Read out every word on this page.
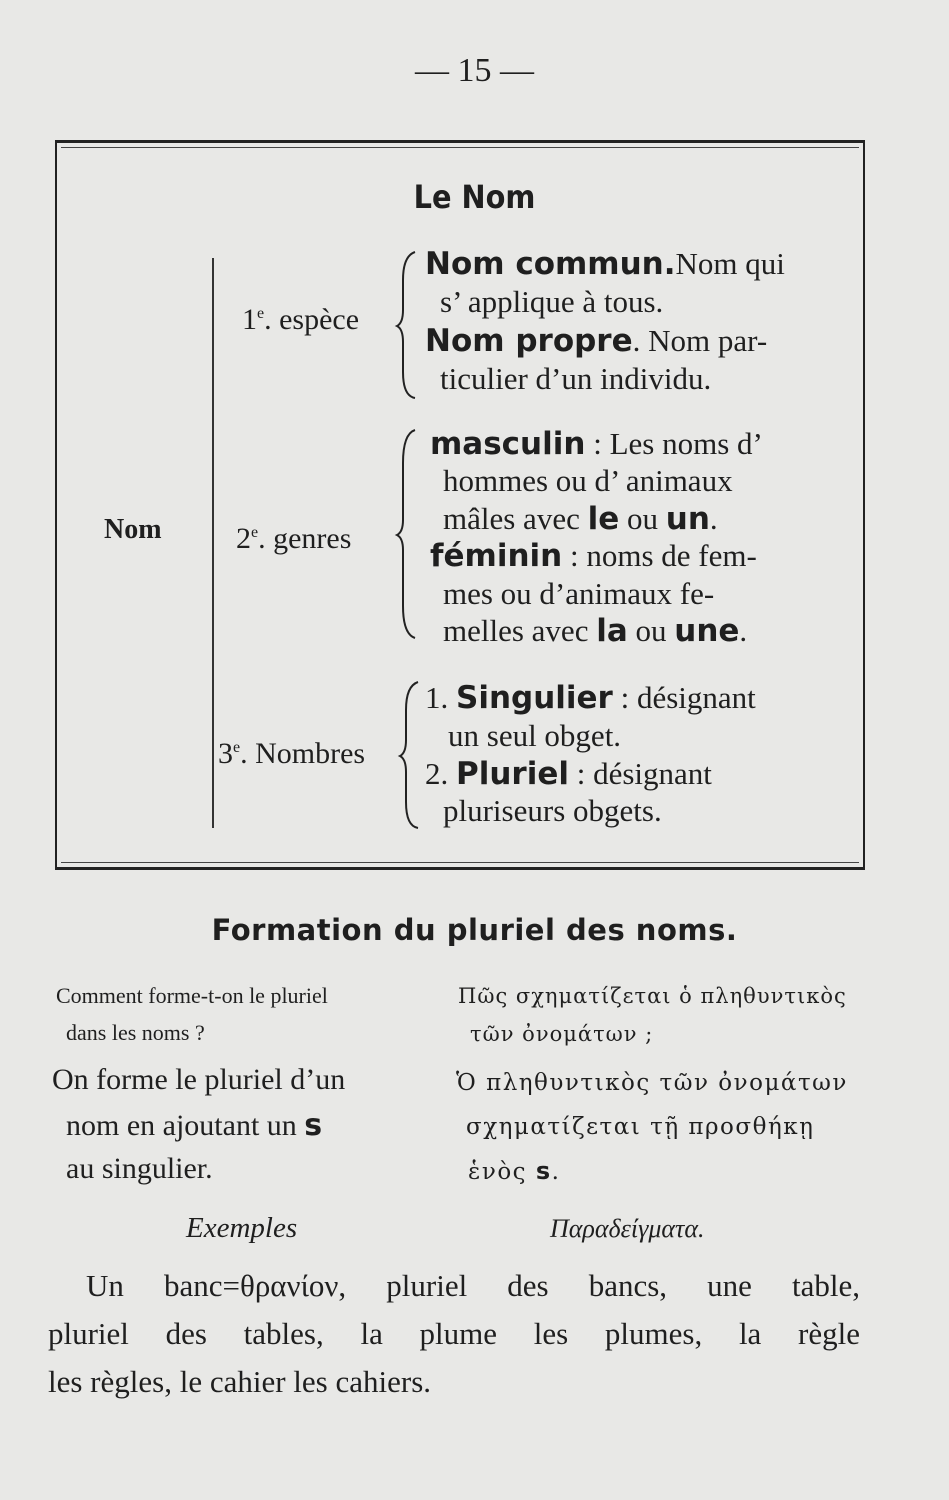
— 15 —
Le Nom
Nom
1e. espèce
Nom commun.Nom qui
s’ applique à tous.
Nom propre. Nom par-
ticulier d’un individu.
2e. genres
masculin : Les noms d’
hommes ou d’ animaux
mâles avec le ou un.
féminin : noms de fem-
mes ou d’animaux fe-
melles avec la ou une.
3e. Nombres
1. Singulier : désignant
un seul obget.
2. Pluriel : désignant
pluriseurs obgets.
Formation du pluriel des noms.
Comment forme-t-on le pluriel
dans les noms ?
Πῶς σχηματίζεται ὁ πληθυντικὸς
τῶν ὀνομάτων ;
On forme le pluriel d’un
nom en ajoutant un s
au singulier.
Ὁ πληθυντικὸς τῶν ὀνομάτων
σχηματίζεται τῇ προσθήκῃ
ἑνὸς s.
Exemples	Παραδείγματα.
Un banc=θρανίον, pluriel des bancs, une table,
pluriel des tables, la plume les plumes, la règle
les règles, le cahier les cahiers.
